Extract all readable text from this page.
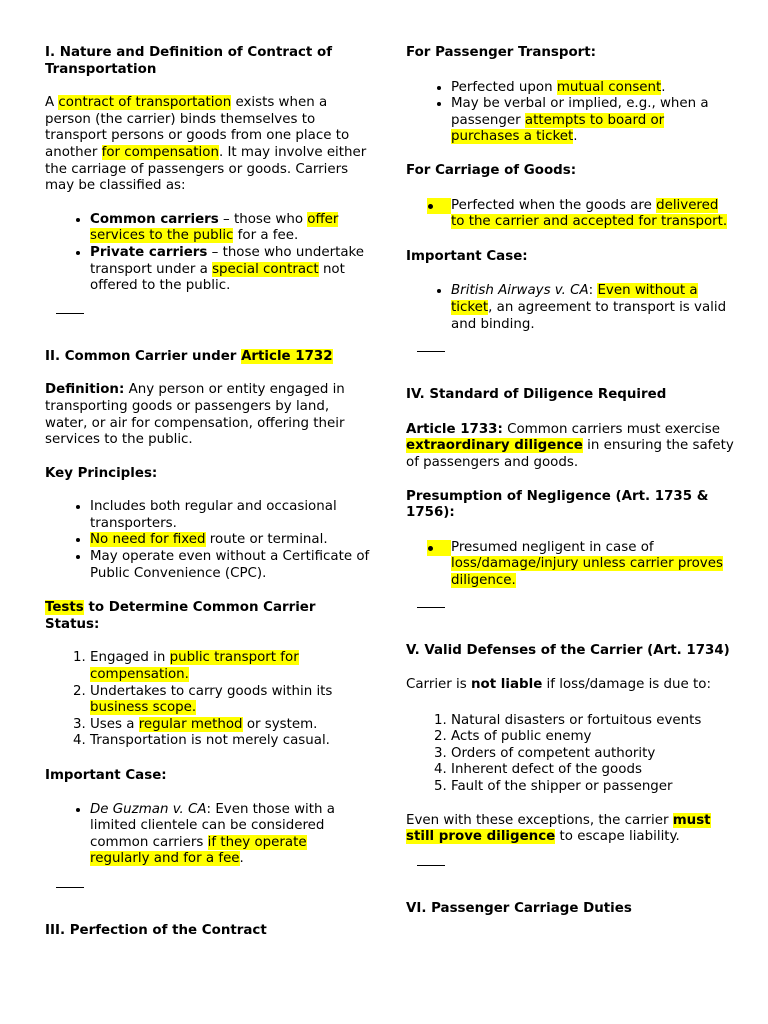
I. Nature and Definition of Contract of Transportation

A contract of transportation exists when a person (the carrier) binds themselves to transport persons or goods from one place to another for compensation. It may involve either the carriage of passengers or goods. Carriers may be classified as:

• Common carriers – those who offer services to the public for a fee.
• Private carriers – those who undertake transport under a special contract not offered to the public.
II. Common Carrier under Article 1732

Definition: Any person or entity engaged in transporting goods or passengers by land, water, or air for compensation, offering their services to the public.

Key Principles:
• Includes both regular and occasional transporters.
• No need for fixed route or terminal.
• May operate even without a Certificate of Public Convenience (CPC).
Tests to Determine Common Carrier Status:
1. Engaged in public transport for compensation.
2. Undertakes to carry goods within its business scope.
3. Uses a regular method or system.
4. Transportation is not merely casual.
Important Case:
• De Guzman v. CA: Even those with a limited clientele can be considered common carriers if they operate regularly and for a fee.
III. Perfection of the Contract
For Passenger Transport:
• Perfected upon mutual consent.
• May be verbal or implied, e.g., when a passenger attempts to board or purchases a ticket.
For Carriage of Goods:
Perfected when the goods are delivered to the carrier and accepted for transport.
Important Case:
• British Airways v. CA: Even without a ticket, an agreement to transport is valid and binding.
IV. Standard of Diligence Required

Article 1733: Common carriers must exercise extraordinary diligence in ensuring the safety of passengers and goods.

Presumption of Negligence (Art. 1735 & 1756):
Presumed negligent in case of loss/damage/injury unless carrier proves diligence.
V. Valid Defenses of the Carrier (Art. 1734)

Carrier is not liable if loss/damage is due to:

1. Natural disasters or fortuitous events
2. Acts of public enemy
3. Orders of competent authority
4. Inherent defect of the goods
5. Fault of the shipper or passenger

Even with these exceptions, the carrier must still prove diligence to escape liability.

VI. Passenger Carriage Duties
